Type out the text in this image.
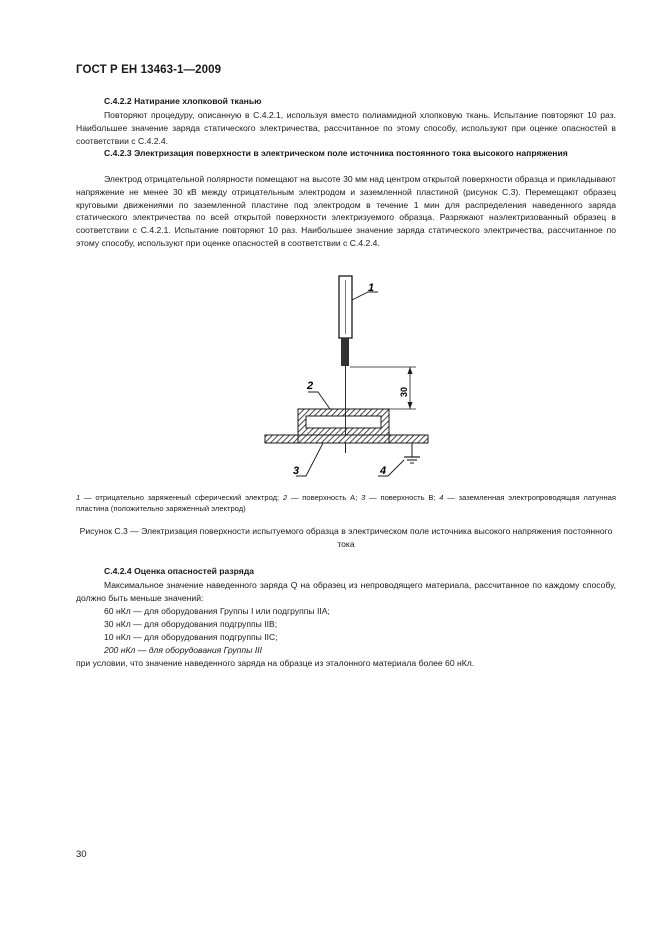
ГОСТ Р ЕН 13463-1—2009
С.4.2.2 Натирание хлопковой тканью
Повторяют процедуру, описанную в С.4.2.1, используя вместо полиамидной хлопковую ткань. Испытание повторяют 10 раз. Наибольшее значение заряда статического электричества, рассчитанное по этому способу, используют при оценке опасностей в соответствии с С.4.2.4.
С.4.2.3 Электризация поверхности в электрическом поле источника постоянного тока высокого напряжения
Электрод отрицательной полярности помещают на высоте 30 мм над центром открытой поверхности образца и прикладывают напряжение не менее 30 кВ между отрицательным электродом и заземленной пластиной (рисунок С.3). Перемещают образец круговыми движениями по заземленной пластине под электродом в течение 1 мин для распределения наведенного заряда статического электричества по всей открытой поверхности электризуемого образца. Разряжают наэлектризованный образец в соответствии с С.4.2.1. Испытание повторяют 10 раз. Наибольшее значение заряда статического электричества, рассчитанное по этому способу, используют при оценке опасностей в соответствии с С.4.2.4.
30
1
2
3	4
1 — отрицательно заряженный сферический электрод; 2 — поверхность А; 3 — поверхность В; 4 — заземленная электропроводящая латунная пластина (положительно заряженный электрод)
Рисунок С.3 — Электризация поверхности испытуемого образца в электрическом поле источника высокого напряжения постоянного тока
С.4.2.4 Оценка опасностей разряда
Максимальное значение наведенного заряда Q на образец из непроводящего материала, рассчитанное по каждому способу, должно быть меньше значений:
60 нКл — для оборудования Группы I или подгруппы IIA;
30 нКл — для оборудования подгруппы IIB;
10 нКл — для оборудования подгруппы IIC;
200 нКл — для оборудования Группы III
при условии, что значение наведенного заряда на образце из эталонного материала более 60 нКл.
30
